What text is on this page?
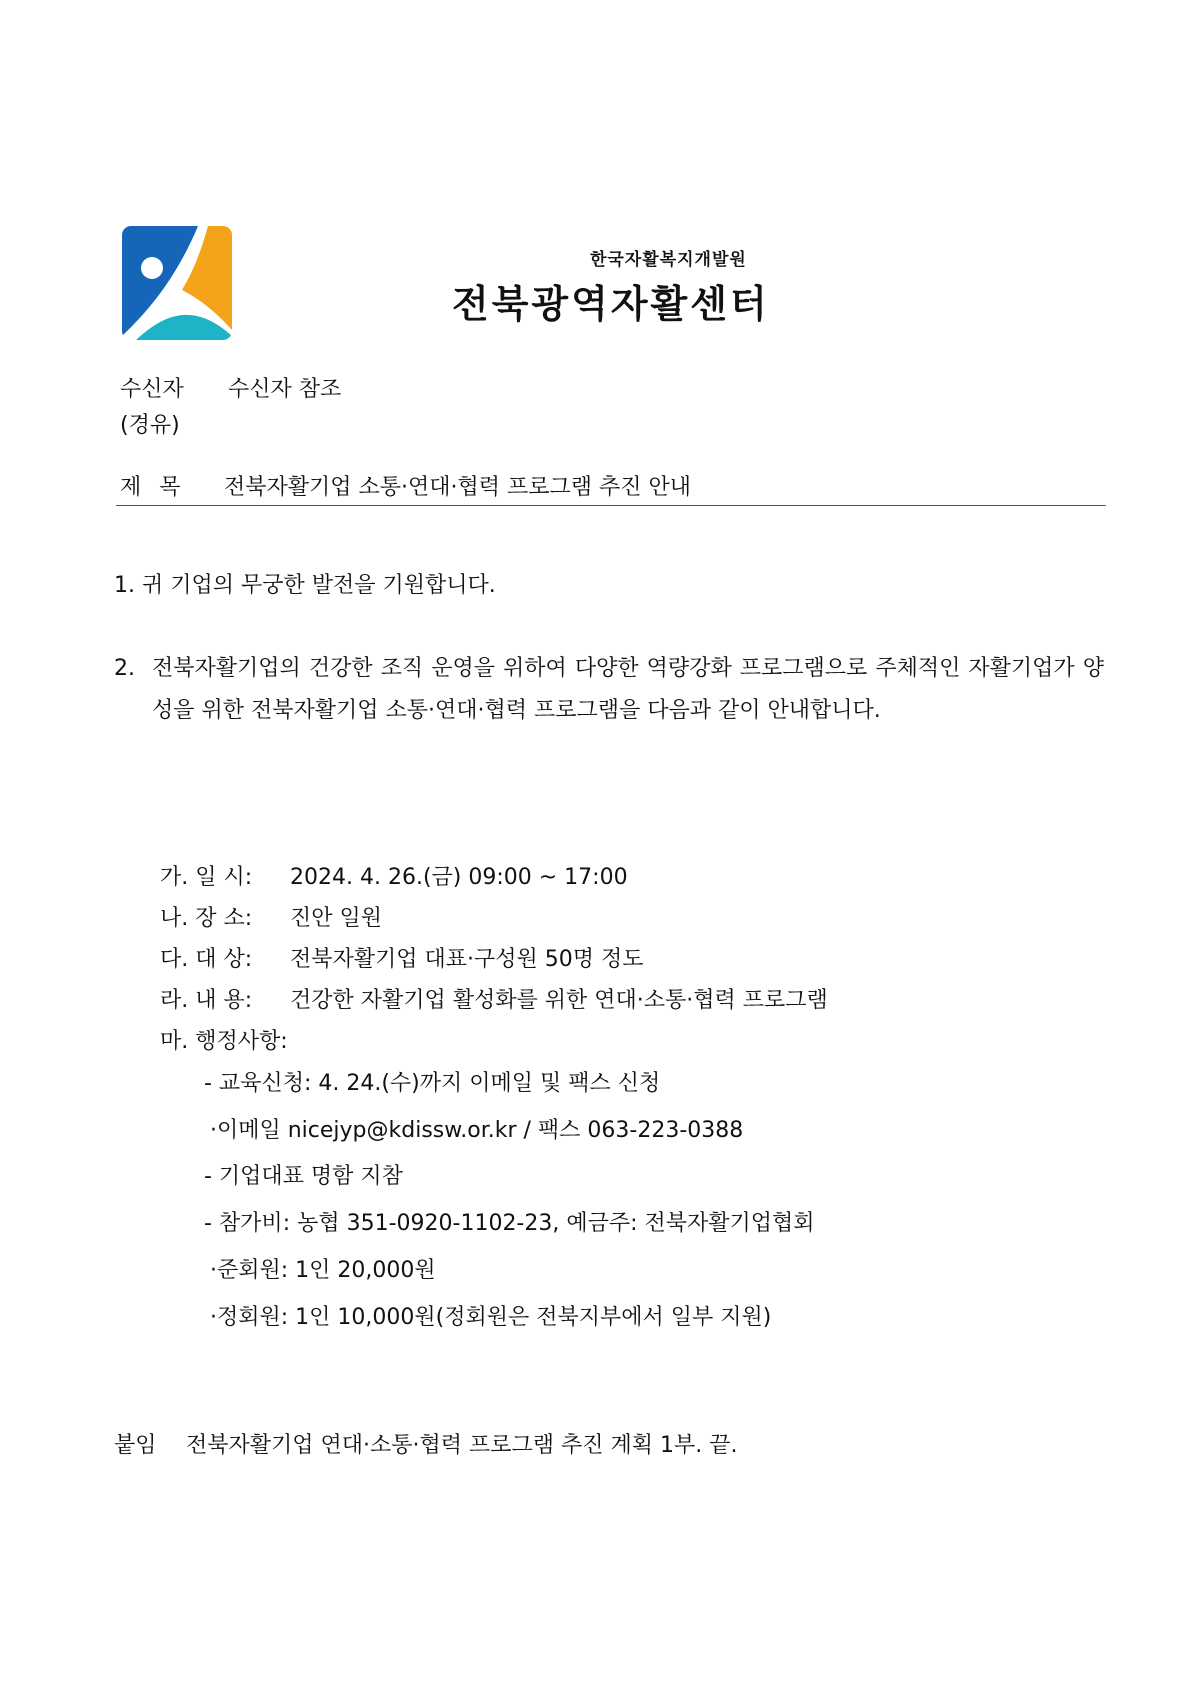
한국자활복지개발원
전북광역자활센터
수신자 수신자 참조
(경유)
제목 전북자활기업 소통·연대·협력 프로그램 추진 안내
1. 귀 기업의 무궁한 발전을 기원합니다.
2. 전북자활기업의 건강한 조직 운영을 위하여 다양한 역량강화 프로그램으로 주체적인 자활기업가 양성을 위한 전북자활기업 소통·연대·협력 프로그램을 다음과 같이 안내합니다.
가. 일 시: 2024. 4. 26.(금) 09:00 ~ 17:00
나. 장 소: 진안 일원
다. 대 상: 전북자활기업 대표·구성원 50명 정도
라. 내 용: 건강한 자활기업 활성화를 위한 연대·소통·협력 프로그램
마. 행정사항:
- 교육신청: 4. 24.(수)까지 이메일 및 팩스 신청
·이메일 nicejyp@kdissw.or.kr / 팩스 063-223-0388
- 기업대표 명함 지참
- 참가비: 농협 351-0920-1102-23, 예금주: 전북자활기업협회
·준회원: 1인 20,000원
·정회원: 1인 10,000원(정회원은 전북지부에서 일부 지원)
붙임 전북자활기업 연대·소통·협력 프로그램 추진 계획 1부. 끝.
